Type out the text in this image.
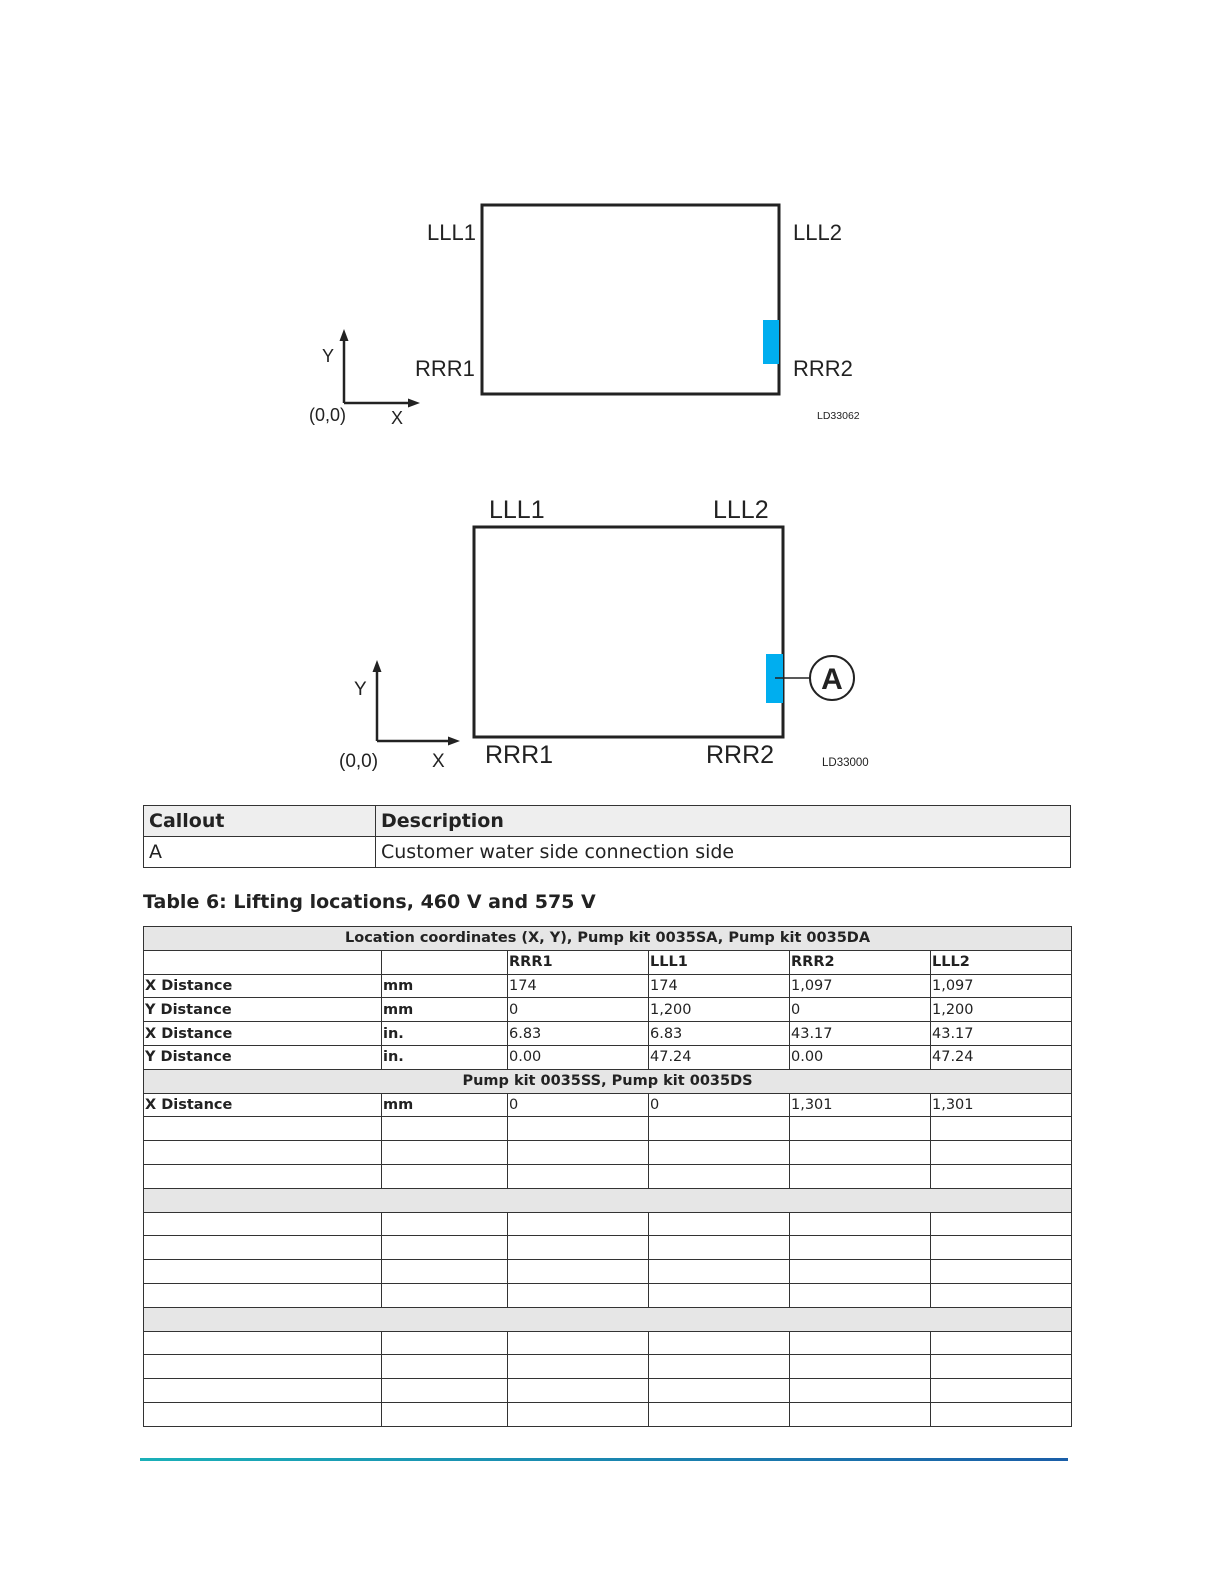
LLL1	LLL2
RRR1	RRR2
Y
X
(0,0)	LD33062
A
LLL1	LLL2
RRR1	RRR2
Y
X
(0,0)	LD33000
Callout	Description
A	Customer water side connection side
Table 6: Lifting locations, 460 V and 575 V
Location coordinates (X, Y), Pump kit 0035SA, Pump kit 0035DA					
		RRR1	LLL1	RRR2	LLL2
X Distance	mm	174	174	1,097	1,097
Y Distance	mm	0	1,200	0	1,200
X Distance	in.	6.83	6.83	43.17	43.17
Y Distance	in.	0.00	47.24	0.00	47.24
Pump kit 0035SS, Pump kit 0035DS					
X Distance	mm	0	0	1,301	1,301
